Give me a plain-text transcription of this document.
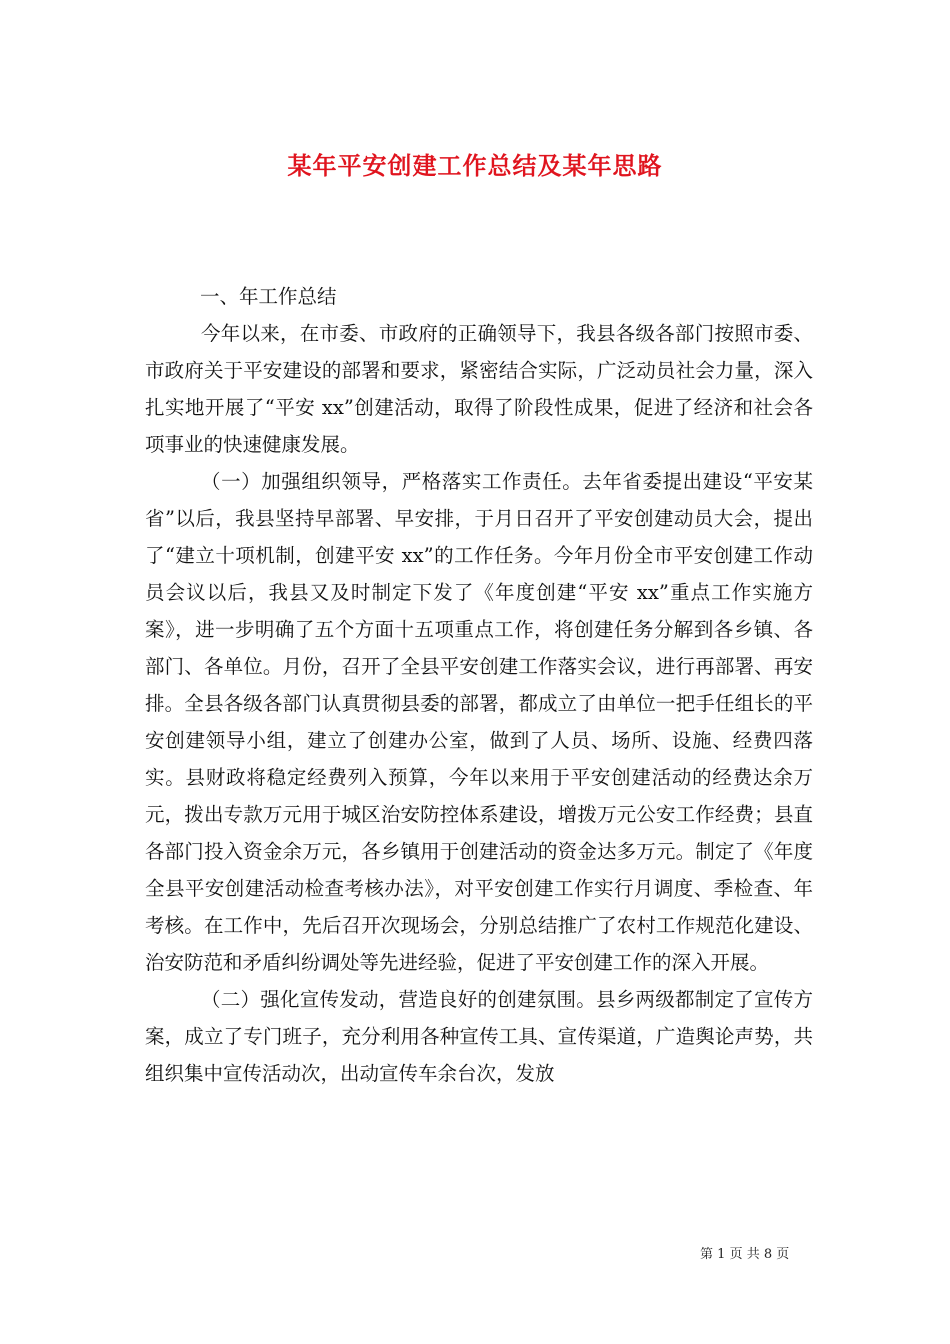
某年平安创建工作总结及某年思路

一、年工作总结

今年以来，在市委、市政府的正确领导下，我县各级各部门按照市委、市政府关于平安建设的部署和要求，紧密结合实际，广泛动员社会力量，深入扎实地开展了“平安 xx”创建活动，取得了阶段性成果，促进了经济和社会各项事业的快速健康发展。

（一）加强组织领导，严格落实工作责任。去年省委提出建设“平安某省”以后，我县坚持早部署、早安排，于月日召开了平安创建动员大会，提出了“建立十项机制，创建平安 xx”的工作任务。今年月份全市平安创建工作动员会议以后，我县又及时制定下发了《年度创建“平安 xx”重点工作实施方案》，进一步明确了五个方面十五项重点工作，将创建任务分解到各乡镇、各部门、各单位。月份，召开了全县平安创建工作落实会议，进行再部署、再安排。全县各级各部门认真贯彻县委的部署，都成立了由单位一把手任组长的平安创建领导小组，建立了创建办公室，做到了人员、场所、设施、经费四落实。县财政将稳定经费列入预算，今年以来用于平安创建活动的经费达余万元，拨出专款万元用于城区治安防控体系建设，增拨万元公安工作经费；县直各部门投入资金余万元，各乡镇用于创建活动的资金达多万元。制定了《年度全县平安创建活动检查考核办法》，对平安创建工作实行月调度、季检查、年考核。在工作中，先后召开次现场会，分别总结推广了农村工作规范化建设、治安防范和矛盾纠纷调处等先进经验，促进了平安创建工作的深入开展。

（二）强化宣传发动，营造良好的创建氛围。县乡两级都制定了宣传方案，成立了专门班子，充分利用各种宣传工具、宣传渠道，广造舆论声势，共组织集中宣传活动次，出动宣传车余台次，发放

第 1 页 共 8 页
